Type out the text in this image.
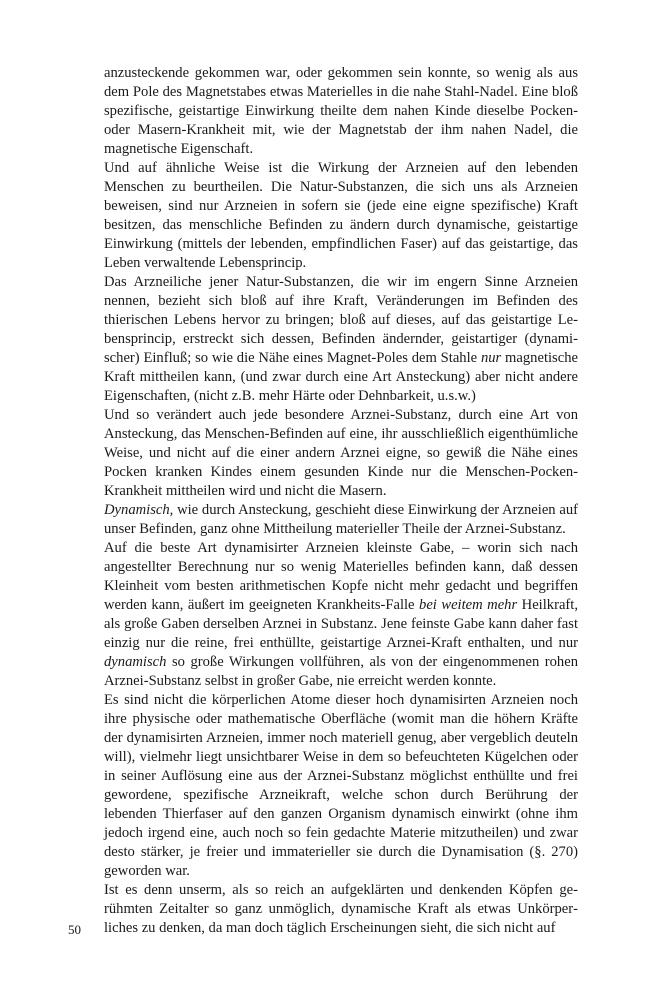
anzusteckende gekommen war, oder gekommen sein konnte, so wenig als aus dem Pole des Magnetstabes etwas Materielles in die nahe Stahl-Nadel. Eine bloß spezifische, geistartige Einwirkung theilte dem nahen Kinde dieselbe Pocken- oder Masern-Krankheit mit, wie der Magnetstab der ihm nahen Nadel, die magnetische Eigenschaft.

Und auf ähnliche Weise ist die Wirkung der Arzneien auf den lebenden Menschen zu beurtheilen. Die Natur-Substanzen, die sich uns als Arzneien beweisen, sind nur Arzneien in sofern sie (jede eine eigne spezifische) Kraft besitzen, das menschliche Befinden zu ändern durch dynamische, geistartige Einwirkung (mittels der lebenden, empfindlichen Faser) auf das geistartige, das Leben verwaltende Lebensprincip.

Das Arzneiliche jener Natur-Substanzen, die wir im engern Sinne Arzneien nennen, bezieht sich bloß auf ihre Kraft, Veränderungen im Befinden des thierischen Lebens hervor zu bringen; bloß auf dieses, auf das geistartige Lebensprincip, erstreckt sich dessen, Befinden ändernder, geistartiger (dynamischer) Einfluß; so wie die Nähe eines Magnet-Poles dem Stahle nur magnetische Kraft mittheilen kann, (und zwar durch eine Art Ansteckung) aber nicht andere Eigenschaften, (nicht z.B. mehr Härte oder Dehnbarkeit, u.s.w.)

Und so verändert auch jede besondere Arznei-Substanz, durch eine Art von Ansteckung, das Menschen-Befinden auf eine, ihr ausschließlich eigenthümliche Weise, und nicht auf die einer andern Arznei eigne, so gewiß die Nähe eines Pocken kranken Kindes einem gesunden Kinde nur die Menschen-Pocken-Krankheit mittheilen wird und nicht die Masern.

Dynamisch, wie durch Ansteckung, geschieht diese Einwirkung der Arzneien auf unser Befinden, ganz ohne Mittheilung materieller Theile der Arznei-Substanz.

Auf die beste Art dynamisirter Arzneien kleinste Gabe, – worin sich nach angestellter Berechnung nur so wenig Materielles befinden kann, daß dessen Kleinheit vom besten arithmetischen Kopfe nicht mehr gedacht und begriffen werden kann, äußert im geeigneten Krankheits-Falle bei weitem mehr Heilkraft, als große Gaben derselben Arznei in Substanz. Jene feinste Gabe kann daher fast einzig nur die reine, frei enthüllte, geistartige Arznei-Kraft enthalten, und nur dynamisch so große Wirkungen vollführen, als von der eingenommenen rohen Arznei-Substanz selbst in großer Gabe, nie erreicht werden konnte.

Es sind nicht die körperlichen Atome dieser hoch dynamisirten Arzneien noch ihre physische oder mathematische Oberfläche (womit man die höhern Kräfte der dynamisirten Arzneien, immer noch materiell genug, aber vergeblich deuteln will), vielmehr liegt unsichtbarer Weise in dem so befeuchteten Kügelchen oder in seiner Auflösung eine aus der Arznei-Substanz möglichst enthüllte und frei gewordene, spezifische Arzneikraft, welche schon durch Berührung der lebenden Thierfaser auf den ganzen Organism dynamisch einwirkt (ohne ihm jedoch irgend eine, auch noch so fein gedachte Materie mitzutheilen) und zwar desto stärker, je freier und immaterieller sie durch die Dynamisation (§. 270) geworden war.

Ist es denn unserm, als so reich an aufgeklärten und denkenden Köpfen gerühmten Zeitalter so ganz unmöglich, dynamische Kraft als etwas Unkörperliches zu denken, da man doch täglich Erscheinungen sieht, die sich nicht auf

50
